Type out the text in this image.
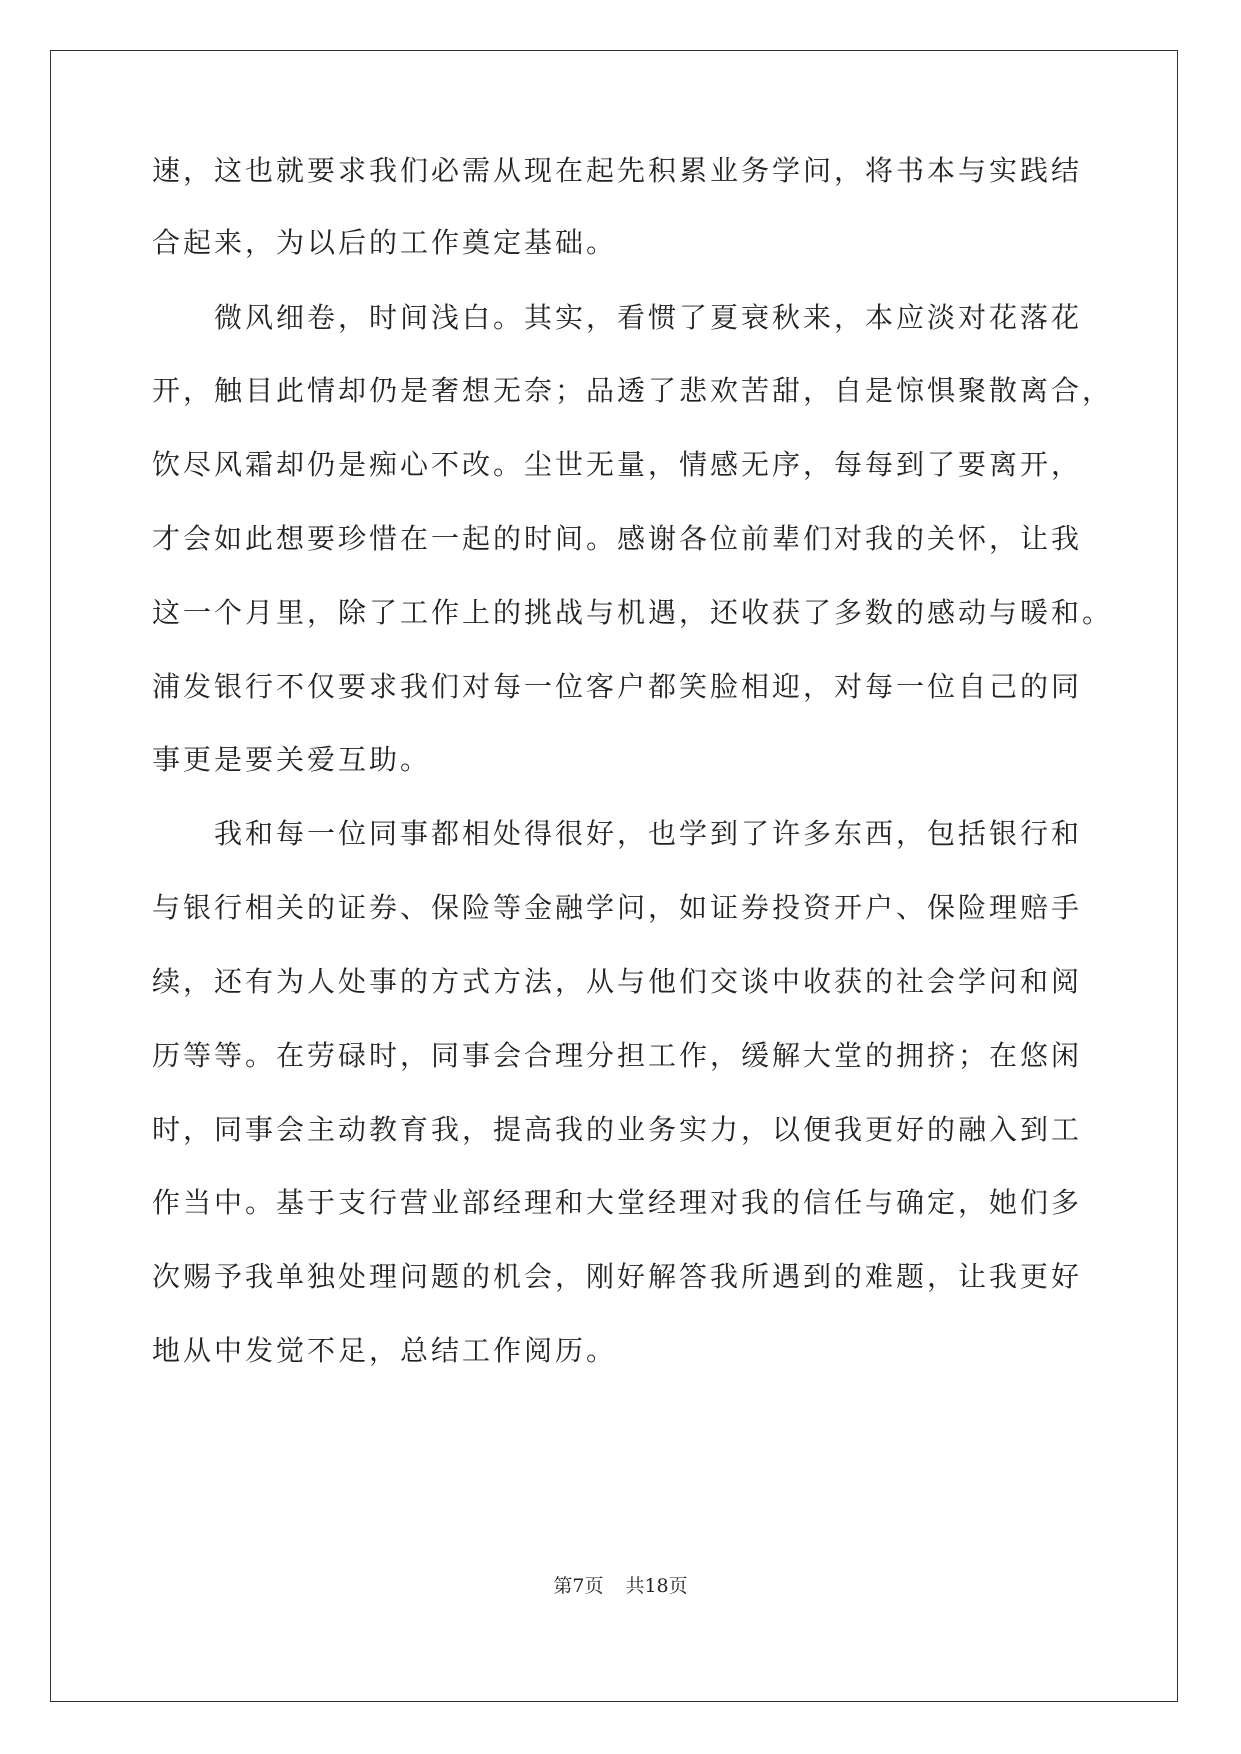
速，这也就要求我们必需从现在起先积累业务学问，将书本与实践结
合起来，为以后的工作奠定基础。
　　微风细卷，时间浅白。其实，看惯了夏衰秋来，本应淡对花落花
开，触目此情却仍是奢想无奈；品透了悲欢苦甜，自是惊惧聚散离合，
饮尽风霜却仍是痴心不改。尘世无量，情感无序，每每到了要离开，
才会如此想要珍惜在一起的时间。感谢各位前辈们对我的关怀，让我
这一个月里，除了工作上的挑战与机遇，还收获了多数的感动与暖和。
浦发银行不仅要求我们对每一位客户都笑脸相迎，对每一位自己的同
事更是要关爱互助。
　　我和每一位同事都相处得很好，也学到了许多东西，包括银行和
与银行相关的证券、保险等金融学问，如证券投资开户、保险理赔手
续，还有为人处事的方式方法，从与他们交谈中收获的社会学问和阅
历等等。在劳碌时，同事会合理分担工作，缓解大堂的拥挤；在悠闲
时，同事会主动教育我，提高我的业务实力，以便我更好的融入到工
作当中。基于支行营业部经理和大堂经理对我的信任与确定，她们多
次赐予我单独处理问题的机会，刚好解答我所遇到的难题，让我更好
地从中发觉不足，总结工作阅历。
第7页 共18页
